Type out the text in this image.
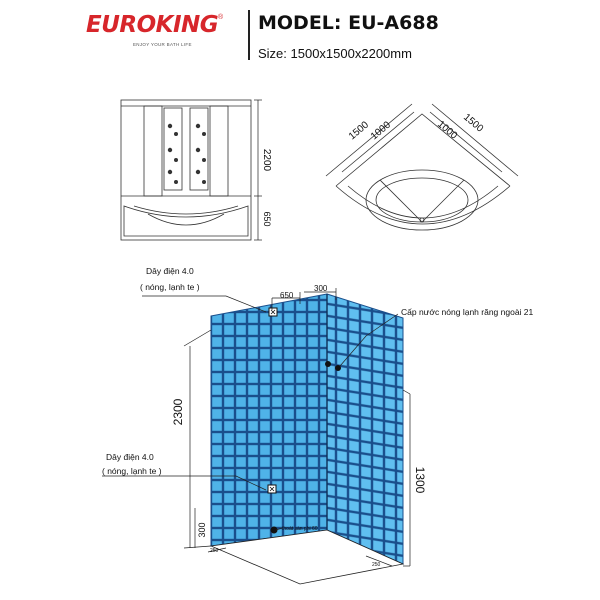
EUROKING ®
ENJOY YOUR BATH LIFE
MODEL: EU-A688
Size: 1500x1500x2200mm
2200
650
1500
1000	1000 1500
Dây điện 4.0
( nóng, lạnh te )
Dây điện 4.0
( nóng, lạnh te )
Cấp nước nóng lạnh răng ngoài 21
thoát sàn phi 60
650
300
2300
1300
300
250
250
